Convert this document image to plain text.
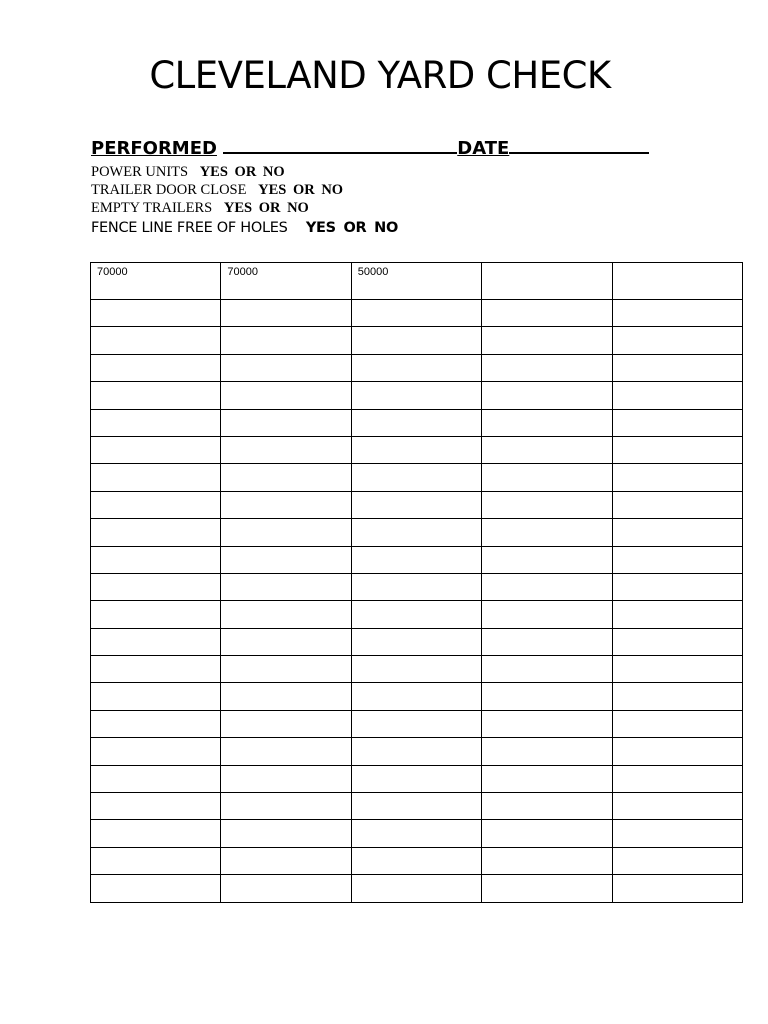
CLEVELAND YARD CHECK
PERFORMED	DATE
POWER UNITS YES OR NO
TRAILER DOOR CLOSE YES OR NO
EMPTY TRAILERS YES OR NO
FENCE LINE FREE OF HOLES YES OR NO
70000	70000	50000		
